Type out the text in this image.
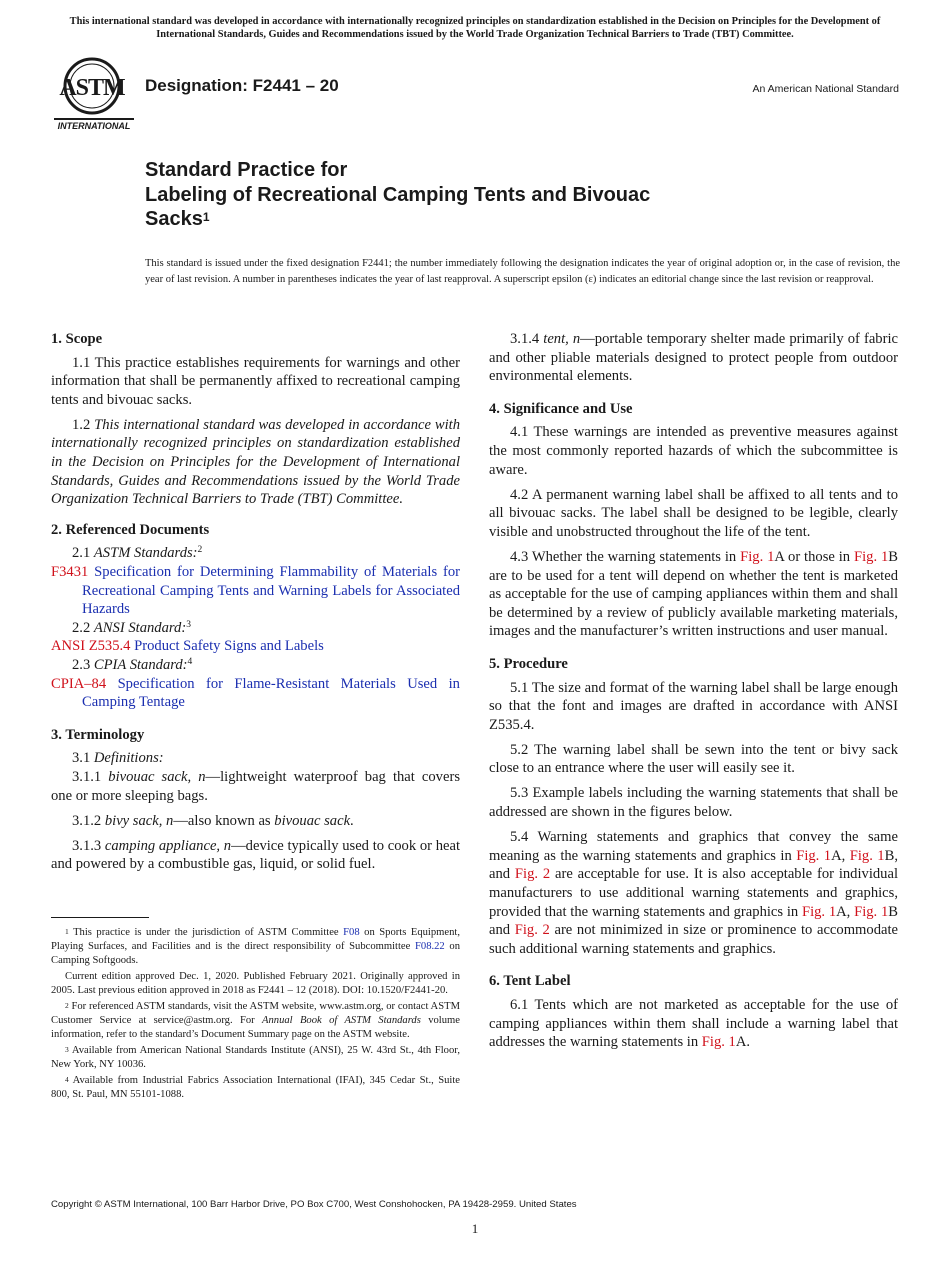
This international standard was developed in accordance with internationally recognized principles on standardization established in the Decision on Principles for the Development of International Standards, Guides and Recommendations issued by the World Trade Organization Technical Barriers to Trade (TBT) Committee.
ASTM
INTERNATIONAL
Designation: F2441 – 20	An American National Standard
Standard Practice for
Labeling of Recreational Camping Tents and Bivouac
Sacks$^1$

This standard is issued under the fixed designation F2441; the number immediately following the designation indicates the year of original adoption or, in the case of revision, the year of last revision. A number in parentheses indicates the year of last reapproval. A superscript epsilon (ε) indicates an editorial change since the last revision or reapproval.

1. Scope

1.1 This practice establishes requirements for warnings and other information that shall be permanently affixed to recreational camping tents and bivouac sacks.

1.2 This international standard was developed in accordance with internationally recognized principles on standardization established in the Decision on Principles for the Development of International Standards, Guides and Recommendations issued by the World Trade Organization Technical Barriers to Trade (TBT) Committee.

2. Referenced Documents
2.1 ASTM Standards:$^2$
F3431 Specification for Determining Flammability of Materials for Recreational Camping Tents and Warning Labels for Associated Hazards
2.2 ANSI Standard:$^3$
ANSI Z535.4 Product Safety Signs and Labels
2.3 CPIA Standard:$^4$
CPIA–84 Specification for Flame-Resistant Materials Used in Camping Tentage
3. Terminology
3.1 Definitions:

3.1.1 bivouac sack, n—lightweight waterproof bag that covers one or more sleeping bags.

3.1.2 bivy sack, n—also known as bivouac sack.

3.1.3 camping appliance, n—device typically used to cook or heat and powered by a combustible gas, liquid, or solid fuel.

$^1$ This practice is under the jurisdiction of ASTM Committee F08 on Sports Equipment, Playing Surfaces, and Facilities and is the direct responsibility of Subcommittee F08.22 on Camping Softgoods.

Current edition approved Dec. 1, 2020. Published February 2021. Originally approved in 2005. Last previous edition approved in 2018 as F2441 – 12 (2018). DOI: 10.1520/F2441-20.

$^2$ For referenced ASTM standards, visit the ASTM website, www.astm.org, or contact ASTM Customer Service at service@astm.org. For Annual Book of ASTM Standards volume information, refer to the standard’s Document Summary page on the ASTM website.

$^3$ Available from American National Standards Institute (ANSI), 25 W. 43rd St., 4th Floor, New York, NY 10036.

$^4$ Available from Industrial Fabrics Association International (IFAI), 345 Cedar St., Suite 800, St. Paul, MN 55101-1088.

3.1.4 tent, n—portable temporary shelter made primarily of fabric and other pliable materials designed to protect people from outdoor environmental elements.

4. Significance and Use

4.1 These warnings are intended as preventive measures against the most commonly reported hazards of which the subcommittee is aware.

4.2 A permanent warning label shall be affixed to all tents and to all bivouac sacks. The label shall be designed to be legible, clearly visible and unobstructed throughout the life of the tent.

4.3 Whether the warning statements in Fig. 1A or those in Fig. 1B are to be used for a tent will depend on whether the tent is marketed as acceptable for the use of camping appliances within them and shall be determined by a review of publicly available marketing materials, images and the manufacturer’s written instructions and user manual.

5. Procedure

5.1 The size and format of the warning label shall be large enough so that the font and images are drafted in accordance with ANSI Z535.4.

5.2 The warning label shall be sewn into the tent or bivy sack close to an entrance where the user will easily see it.

5.3 Example labels including the warning statements that shall be addressed are shown in the figures below.

5.4 Warning statements and graphics that convey the same meaning as the warning statements and graphics in Fig. 1A, Fig. 1B, and Fig. 2 are acceptable for use. It is also acceptable for individual manufacturers to use additional warning statements and graphics, provided that the warning statements and graphics in Fig. 1A, Fig. 1B and Fig. 2 are not minimized in size or prominence to accommodate such additional warning statements and graphics.

6. Tent Label

6.1 Tents which are not marketed as acceptable for the use of camping appliances within them shall include a warning label that addresses the warning statements in Fig. 1A.

Copyright © ASTM International, 100 Barr Harbor Drive, PO Box C700, West Conshohocken, PA 19428-2959. United States
1
